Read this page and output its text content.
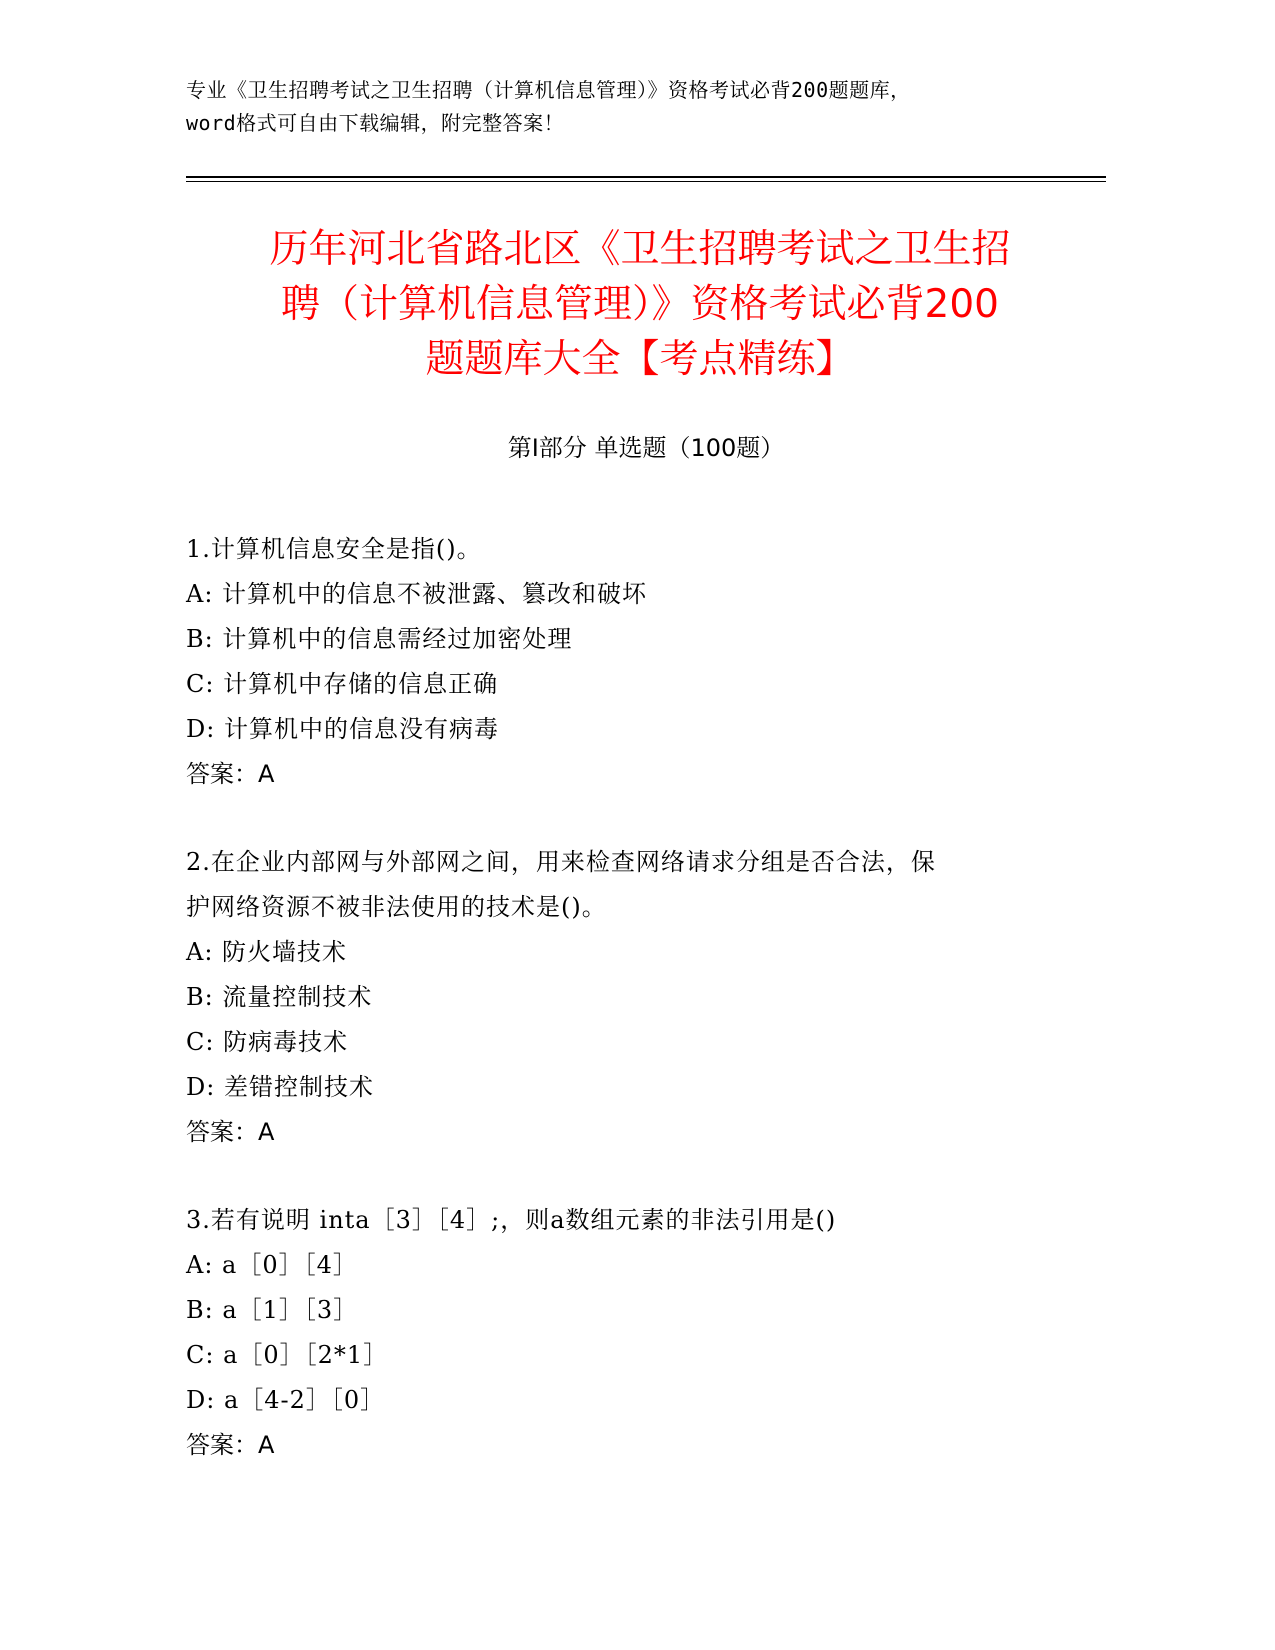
专业《卫生招聘考试之卫生招聘（计算机信息管理）》资格考试必背200题题库，
word格式可自由下载编辑，附完整答案！
历年河北省路北区《卫生招聘考试之卫生招
聘（计算机信息管理）》资格考试必背200
题题库大全【考点精练】
第I部分 单选题（100题）

1.计算机信息安全是指()。

A: 计算机中的信息不被泄露、篡改和破坏

B: 计算机中的信息需经过加密处理

C: 计算机中存储的信息正确

D: 计算机中的信息没有病毒

答案：A

2.在企业内部网与外部网之间，用来检查网络请求分组是否合法，保

护网络资源不被非法使用的技术是()。

A: 防火墙技术

B: 流量控制技术

C: 防病毒技术

D: 差错控制技术

答案：A

3.若有说明 inta［3］［4］;，则a数组元素的非法引用是()

A: a［0］［4］

B: a［1］［3］

C: a［0］［2*1］

D: a［4-2］［0］

答案：A
